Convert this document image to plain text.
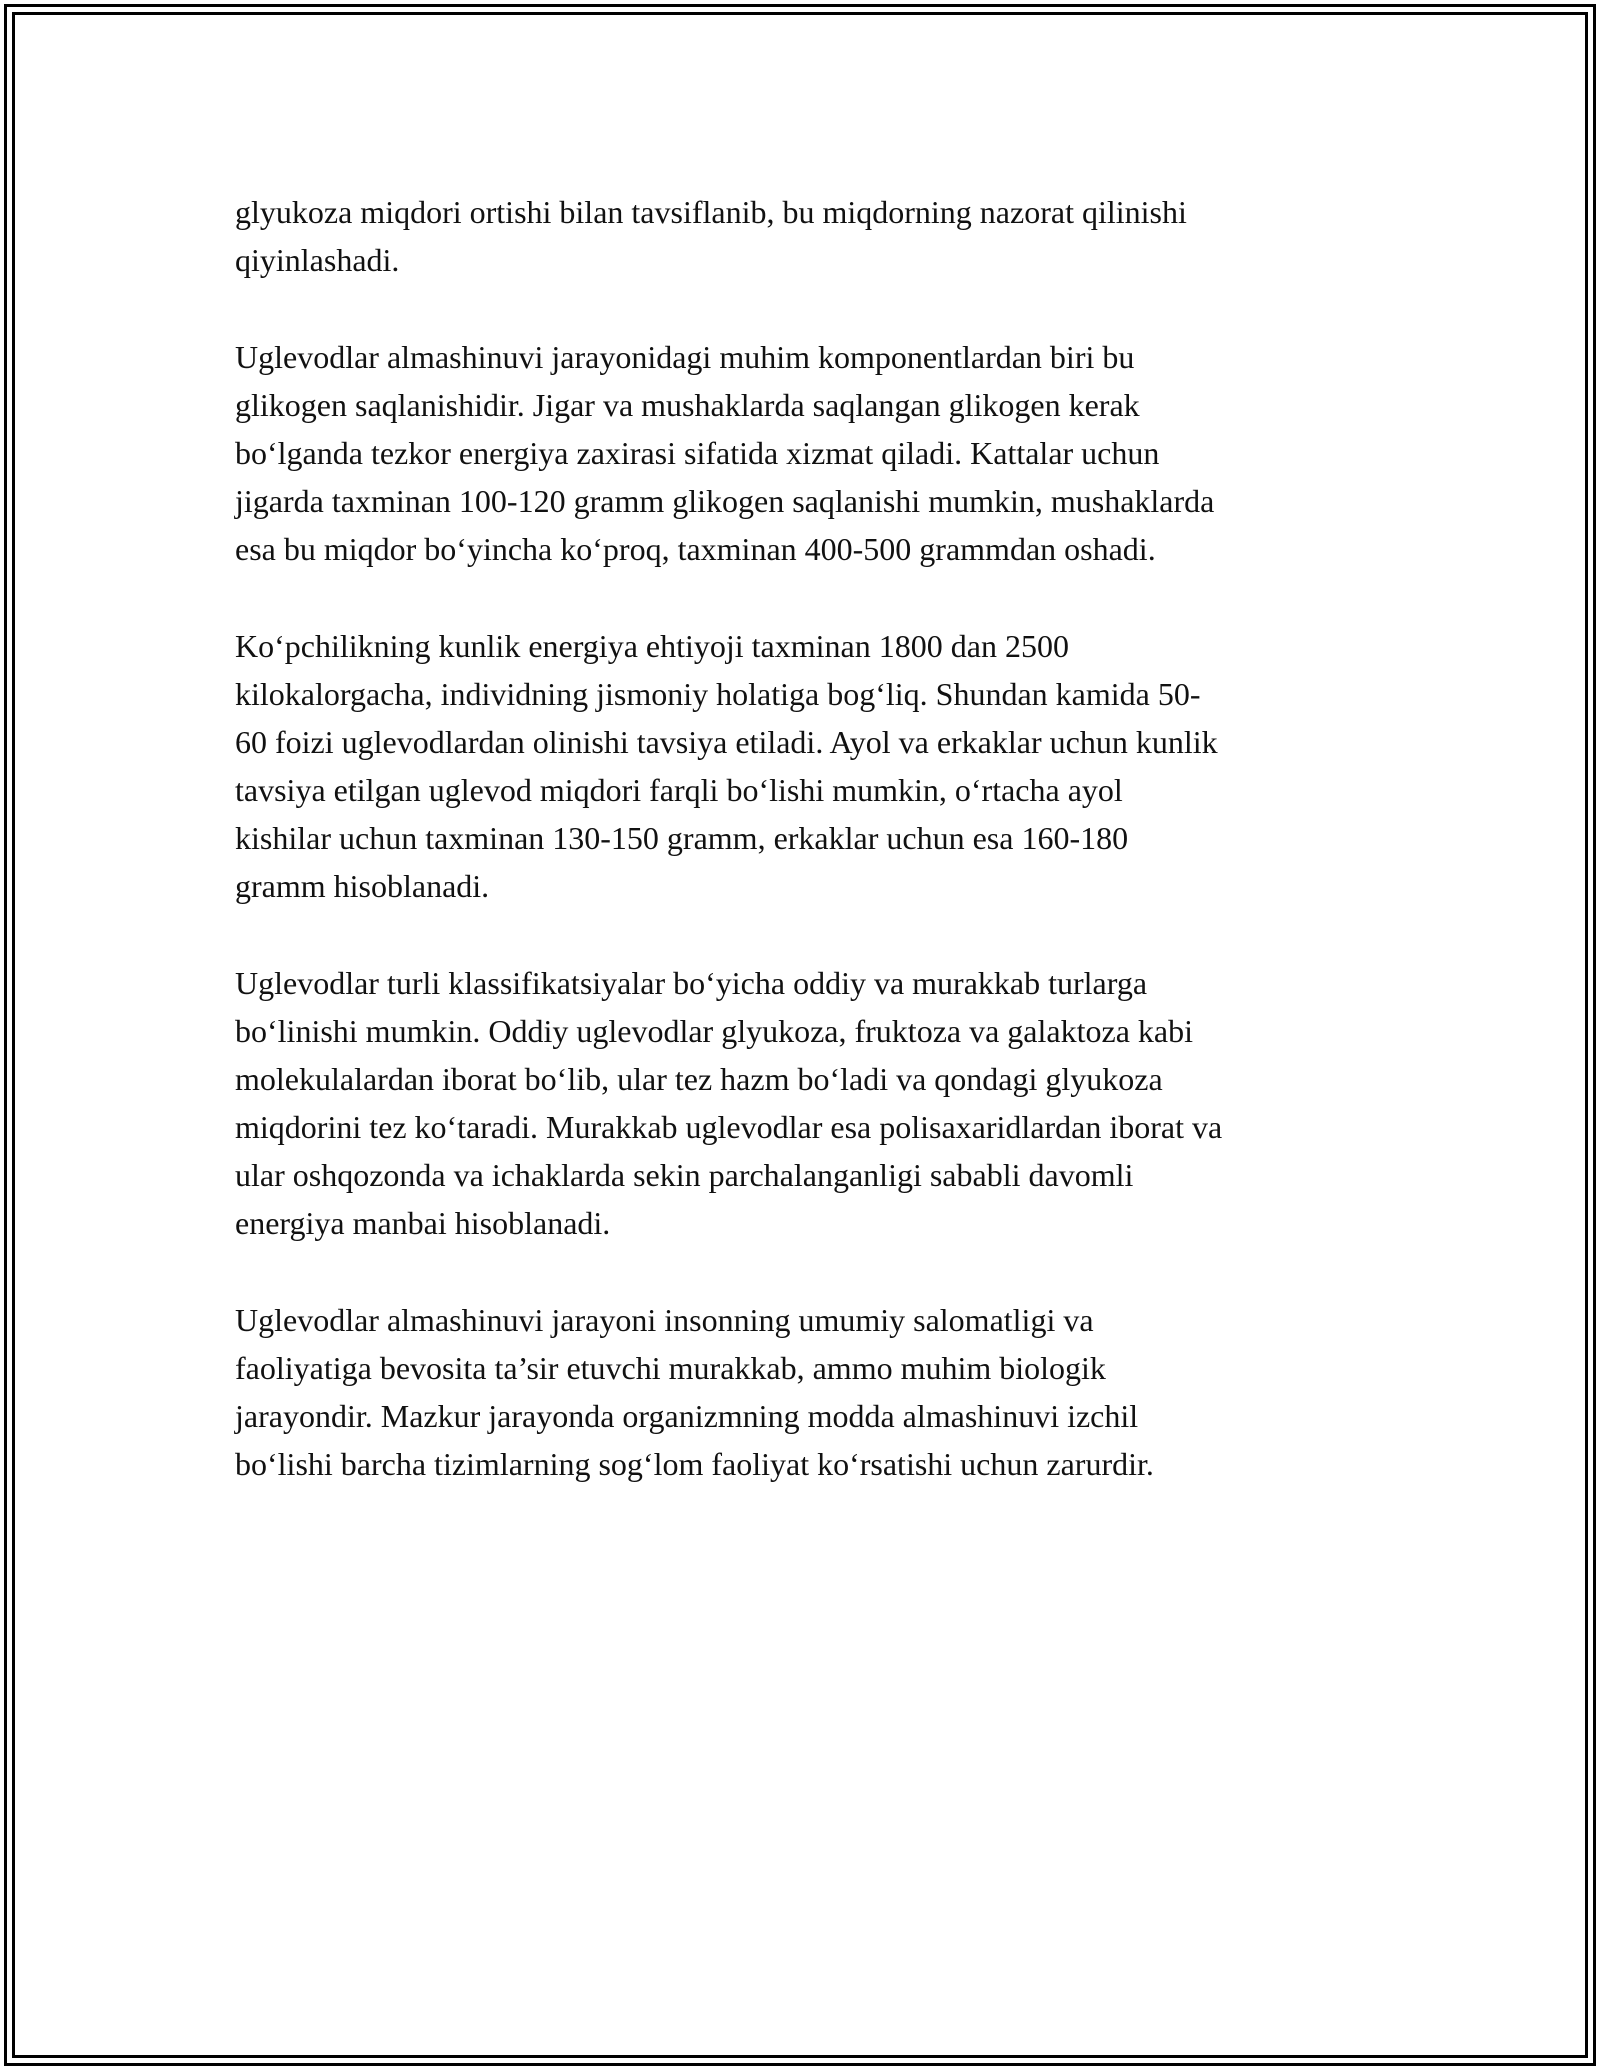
glyukoza miqdori ortishi bilan tavsiflanib, bu miqdorning nazorat qilinishi
qiyinlashadi.

Uglevodlar almashinuvi jarayonidagi muhim komponentlardan biri bu
glikogen saqlanishidir. Jigar va mushaklarda saqlangan glikogen kerak
bo‘lganda tezkor energiya zaxirasi sifatida xizmat qiladi. Kattalar uchun
jigarda taxminan 100-120 gramm glikogen saqlanishi mumkin, mushaklarda
esa bu miqdor bo‘yincha ko‘proq, taxminan 400-500 grammdan oshadi.

Ko‘pchilikning kunlik energiya ehtiyoji taxminan 1800 dan 2500
kilokalorgacha, individning jismoniy holatiga bog‘liq. Shundan kamida 50-
60 foizi uglevodlardan olinishi tavsiya etiladi. Ayol va erkaklar uchun kunlik
tavsiya etilgan uglevod miqdori farqli bo‘lishi mumkin, o‘rtacha ayol
kishilar uchun taxminan 130-150 gramm, erkaklar uchun esa 160-180
gramm hisoblanadi.

Uglevodlar turli klassifikatsiyalar bo‘yicha oddiy va murakkab turlarga
bo‘linishi mumkin. Oddiy uglevodlar glyukoza, fruktoza va galaktoza kabi
molekulalardan iborat bo‘lib, ular tez hazm bo‘ladi va qondagi glyukoza
miqdorini tez ko‘taradi. Murakkab uglevodlar esa polisaxaridlardan iborat va
ular oshqozonda va ichaklarda sekin parchalanganligi sababli davomli
energiya manbai hisoblanadi.

Uglevodlar almashinuvi jarayoni insonning umumiy salomatligi va
faoliyatiga bevosita ta’sir etuvchi murakkab, ammo muhim biologik
jarayondir. Mazkur jarayonda organizmning modda almashinuvi izchil
bo‘lishi barcha tizimlarning sog‘lom faoliyat ko‘rsatishi uchun zarurdir.
